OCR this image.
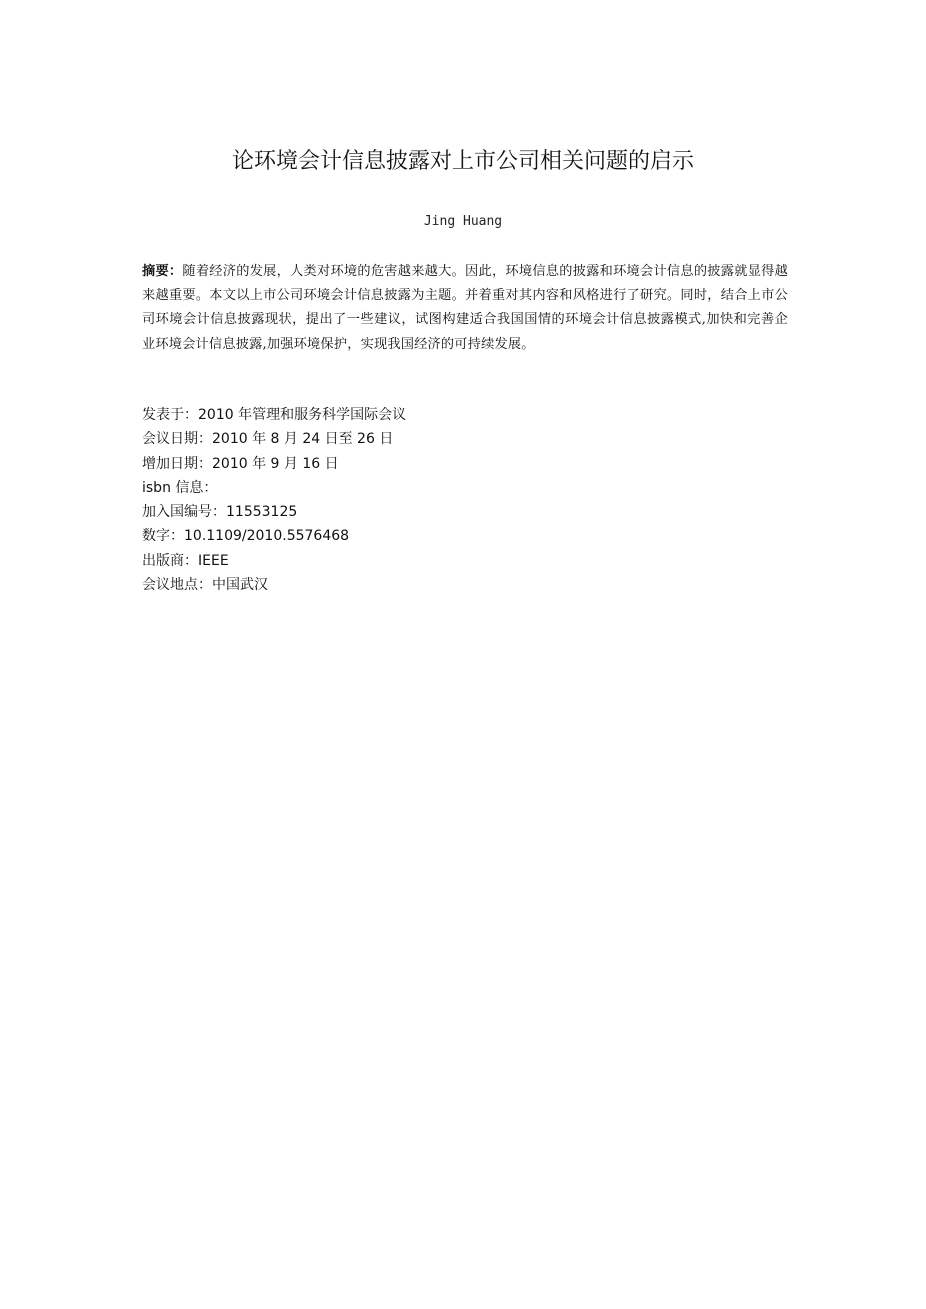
论环境会计信息披露对上市公司相关问题的启示
Jing Huang
摘要：随着经济的发展，人类对环境的危害越来越大。因此，环境信息的披露和环境会计信息的披露就显得越来越重要。本文以上市公司环境会计信息披露为主题。并着重对其内容和风格进行了研究。同时，结合上市公司环境会计信息披露现状，提出了一些建议，试图构建适合我国国情的环境会计信息披露模式,加快和完善企业环境会计信息披露,加强环境保护，实现我国经济的可持续发展。
发表于：2010 年管理和服务科学国际会议
会议日期：2010 年 8 月 24 日至 26 日
增加日期：2010 年 9 月 16 日
isbn 信息：
加入国编号：11553125
数字：10.1109/2010.5576468
出版商：IEEE
会议地点：中国武汉
